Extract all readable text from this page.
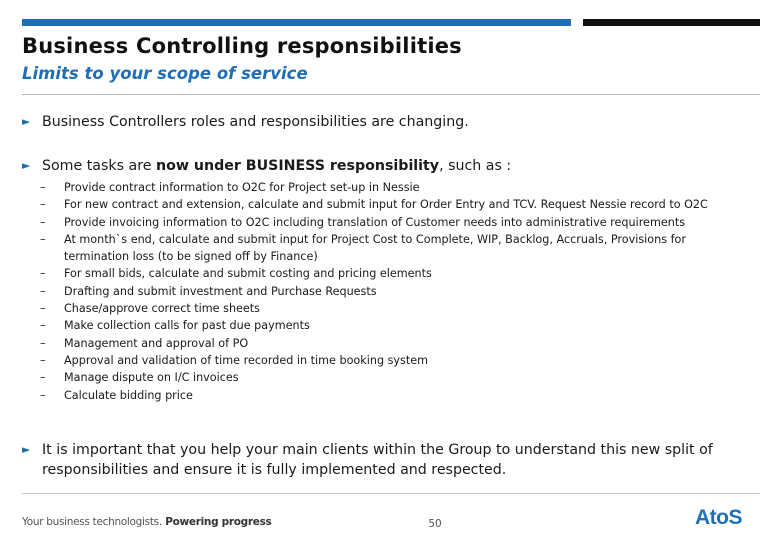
Business Controlling responsibilities
Limits to your scope of service
► Business Controllers roles and responsibilities are changing.
► Some tasks are now under BUSINESS responsibility, such as :
–	Provide contract information to O2C for Project set-up in Nessie
–	For new contract and extension, calculate and submit input for Order Entry and TCV. Request Nessie record to O2C
–	Provide invoicing information to O2C including translation of Customer needs into administrative requirements
–	At month`s end, calculate and submit input for Project Cost to Complete, WIP, Backlog, Accruals, Provisions for termination loss (to be signed off by Finance)
–	For small bids, calculate and submit costing and pricing elements
–	Drafting and submit investment and Purchase Requests
–	Chase/approve correct time sheets
–	Make collection calls for past due payments
–	Management and approval of PO
–	Approval and validation of time recorded in time booking system
–	Manage dispute on I/C invoices
–	Calculate bidding price
► It is important that you help your main clients within the Group to understand this new split of responsibilities and ensure it is fully implemented and respected.
Your business technologists. Powering progress	50	AtoS
